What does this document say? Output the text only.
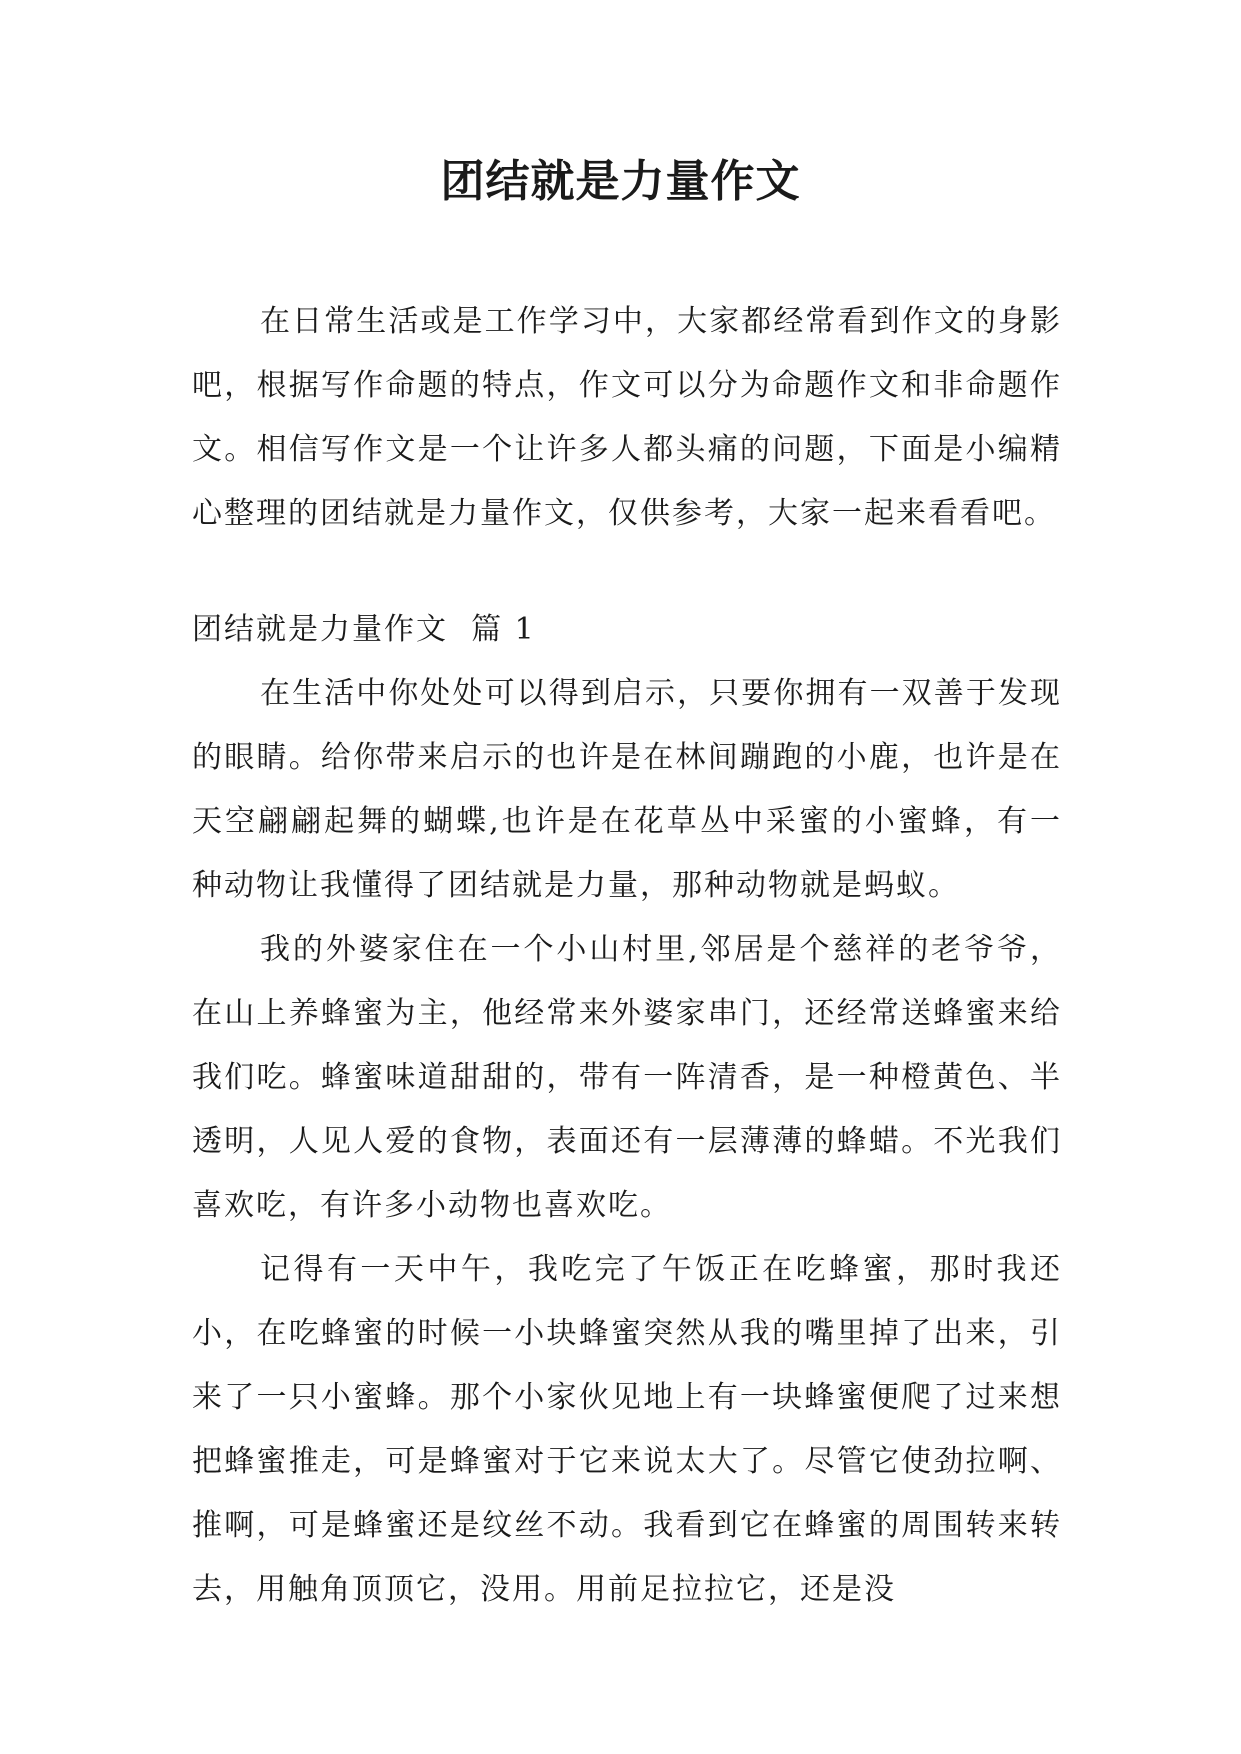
团结就是力量作文

在日常生活或是工作学习中，大家都经常看到作文的身影吧，根据写作命题的特点，作文可以分为命题作文和非命题作文。相信写作文是一个让许多人都头痛的问题，下面是小编精心整理的团结就是力量作文，仅供参考，大家一起来看看吧。

团结就是力量作文  篇 1

在生活中你处处可以得到启示，只要你拥有一双善于发现的眼睛。给你带来启示的也许是在林间蹦跑的小鹿，也许是在天空翩翩起舞的蝴蝶,也许是在花草丛中采蜜的小蜜蜂，有一种动物让我懂得了团结就是力量，那种动物就是蚂蚁。

我的外婆家住在一个小山村里,邻居是个慈祥的老爷爷，在山上养蜂蜜为主，他经常来外婆家串门，还经常送蜂蜜来给我们吃。蜂蜜味道甜甜的，带有一阵清香，是一种橙黄色、半透明，人见人爱的食物，表面还有一层薄薄的蜂蜡。不光我们喜欢吃，有许多小动物也喜欢吃。

记得有一天中午，我吃完了午饭正在吃蜂蜜，那时我还小，在吃蜂蜜的时候一小块蜂蜜突然从我的嘴里掉了出来，引来了一只小蜜蜂。那个小家伙见地上有一块蜂蜜便爬了过来想把蜂蜜推走，可是蜂蜜对于它来说太大了。尽管它使劲拉啊、推啊，可是蜂蜜还是纹丝不动。我看到它在蜂蜜的周围转来转去，用触角顶顶它，没用。用前足拉拉它，还是没
